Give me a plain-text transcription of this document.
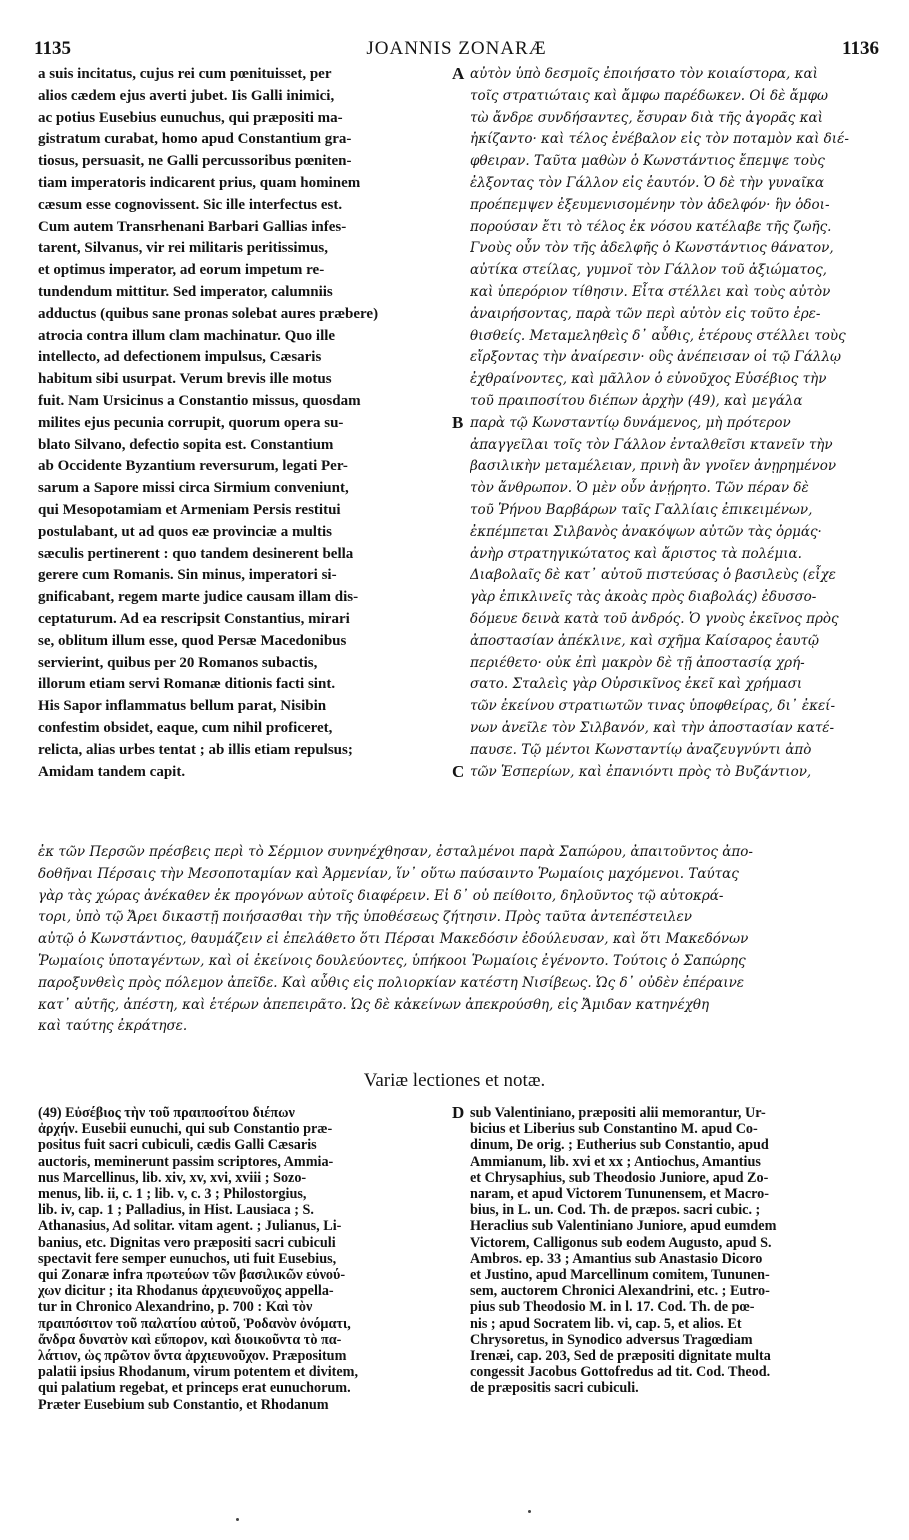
1135	JOANNIS ZONARÆ	1136
a suis incitatus, cujus rei cum pœnituisset, per
alios cædem ejus averti jubet. Iis Galli inimici,
ac potius Eusebius eunuchus, qui præpositi ma-
gistratum curabat, homo apud Constantium gra-
tiosus, persuasit, ne Galli percussoribus pœniten-
tiam imperatoris indicarent prius, quam hominem
cæsum esse cognovissent. Sic ille interfectus est.
Cum autem Transrhenani Barbari Gallias infes-
tarent, Silvanus, vir rei militaris peritissimus,
et optimus imperator, ad eorum impetum re-
tundendum mittitur. Sed imperator, calumniis
adductus (quibus sane pronas solebat aures præbere)
atrocia contra illum clam machinatur. Quo ille
intellecto, ad defectionem impulsus, Cæsaris
habitum sibi usurpat. Verum brevis ille motus
fuit. Nam Ursicinus a Constantio missus, quosdam
milites ejus pecunia corrupit, quorum opera su-
blato Silvano, defectio sopita est. Constantium
ab Occidente Byzantium reversurum, legati Per-
sarum a Sapore missi circa Sirmium conveniunt,
qui Mesopotamiam et Armeniam Persis restitui
postulabant, ut ad quos eæ provinciæ a multis
sæculis pertinerent : quo tandem desinerent bella
gerere cum Romanis. Sin minus, imperatori si-
gnificabant, regem marte judice causam illam dis-
ceptaturum. Ad ea rescripsit Constantius, mirari
se, oblitum illum esse, quod Persæ Macedonibus
servierint, quibus per 20 Romanos subactis,
illorum etiam servi Romanæ ditionis facti sint.
His Sapor inflammatus bellum parat, Nisibin
confestim obsidet, eaque, cum nihil proficeret,
relicta, alias urbes tentat ; ab illis etiam repulsus;
Amidam tandem capit.
αὐτὸν ὑπὸ δεσμοῖς ἐποιήσατο τὸν κοιαίστορα, καὶ
τοῖς στρατιώταις καὶ ἄμφω παρέδωκεν. Οἱ δὲ ἄμφω
τὼ ἄνδρε συνδήσαντες, ἔσυραν διὰ τῆς ἀγορᾶς καὶ
ἠκίζαντο· καὶ τέλος ἐνέβαλον εἰς τὸν ποταμὸν καὶ διέ-
φθειραν. Ταῦτα μαθὼν ὁ Κωνστάντιος ἔπεμψε τοὺς
ἐλξοντας τὸν Γάλλον εἰς ἑαυτόν. Ὁ δὲ τὴν γυναῖκα
προέπεμψεν ἐξευμενισομένην τὸν ἀδελφόν· ἣν ὁδοι-
πορούσαν ἔτι τὸ τέλος ἐκ νόσου κατέλαβε τῆς ζωῆς.
Γνοὺς οὖν τὸν τῆς ἀδελφῆς ὁ Κωνστάντιος θάνατον,
αὐτίκα στείλας, γυμνοῖ τὸν Γάλλον τοῦ ἀξιώματος,
καὶ ὑπερόριον τίθησιν. Εἶτα στέλλει καὶ τοὺς αὐτὸν
ἀναιρήσοντας, παρὰ τῶν περὶ αὐτὸν εἰς τοῦτο ἐρε-
θισθείς. Μεταμεληθεὶς δ᾽ αὖθις, ἑτέρους στέλλει τοὺς
εἴρξοντας τὴν ἀναίρεσιν· οὓς ἀνέπεισαν οἱ τῷ Γάλλῳ
ἐχθραίνοντες, καὶ μᾶλλον ὁ εὐνοῦχος Εὐσέβιος τὴν
τοῦ πραιποσίτου διέπων ἀρχὴν (49), καὶ μεγάλα
παρὰ τῷ Κωνσταντίῳ δυνάμενος, μὴ πρότερον
ἀπαγγεῖλαι τοῖς τὸν Γάλλον ἐνταλθεῖσι κτανεῖν τὴν
βασιλικὴν μεταμέλειαν, πρινὴ ἂν γνοῖεν ἀνῃρημένον
τὸν ἄνθρωπον. Ὁ μὲν οὖν ἀνῄρητο. Τῶν πέραν δὲ
τοῦ Ῥήνου Βαρβάρων ταῖς Γαλλίαις ἐπικειμένων,
ἐκπέμπεται Σιλβανὸς ἀνακόψων αὐτῶν τὰς ὁρμάς·
ἀνὴρ στρατηγικώτατος καὶ ἄριστος τὰ πολέμια.
Διαβολαῖς δὲ κατ᾽ αὐτοῦ πιστεύσας ὁ βασιλεὺς (εἶχε
γὰρ ἐπικλινεῖς τὰς ἀκοὰς πρὸς διαβολάς) ἐδυσσο-
δόμευε δεινὰ κατὰ τοῦ ἀνδρός. Ὁ γνοὺς ἐκεῖνος πρὸς
ἀποστασίαν ἀπέκλινε, καὶ σχῆμα Καίσαρος ἑαυτῷ
περιέθετο· οὐκ ἐπὶ μακρὸν δὲ τῇ ἀποστασίᾳ χρή-
σατο. Σταλεὶς γὰρ Οὐρσικῖνος ἐκεῖ καὶ χρήμασι
τῶν ἐκείνου στρατιωτῶν τινας ὑποφθείρας, δι᾽ ἐκεί-
νων ἀνεῖλε τὸν Σιλβανόν, καὶ τὴν ἀποστασίαν κατέ-
παυσε. Τῷ μέντοι Κωνσταντίῳ ἀναζευγνύντι ἀπὸ
τῶν Ἑσπερίων, καὶ ἐπανιόντι πρὸς τὸ Βυζάντιον,
A
B
C
ἐκ τῶν Περσῶν πρέσβεις περὶ τὸ Σέρμιον συνηνέχθησαν, ἐσταλμένοι παρὰ Σαπώρου, ἀπαιτοῦντος ἀπο-
δοθῆναι Πέρσαις τὴν Μεσοποταμίαν καὶ Ἀρμενίαν, ἵν᾽ οὕτω παύσαιντο Ῥωμαίοις μαχόμενοι. Ταύτας
γὰρ τὰς χώρας ἀνέκαθεν ἐκ προγόνων αὐτοῖς διαφέρειν. Εἰ δ᾽ οὐ πείθοιτο, δηλοῦντος τῷ αὐτοκρά-
τορι, ὑπὸ τῷ Ἄρει δικαστῇ ποιήσασθαι τὴν τῆς ὑποθέσεως ζήτησιν. Πρὸς ταῦτα ἀντεπέστειλεν
αὐτῷ ὁ Κωνστάντιος, θαυμάζειν εἰ ἐπελάθετο ὅτι Πέρσαι Μακεδόσιν ἐδούλευσαν, καὶ ὅτι Μακεδόνων
Ῥωμαίοις ὑποταγέντων, καὶ οἱ ἐκείνοις δουλεύοντες, ὑπήκοοι Ῥωμαίοις ἐγένοντο. Τούτοις ὁ Σαπώρης
παροξυνθεὶς πρὸς πόλεμον ἀπεῖδε. Καὶ αὖθις εἰς πολιορκίαν κατέστη Νισίβεως. Ὡς δ᾽ οὐδὲν ἐπέραινε
κατ᾽ αὐτῆς, ἀπέστη, καὶ ἑτέρων ἀπεπειρᾶτο. Ὡς δὲ κἀκείνων ἀπεκρούσθη, εἰς Ἄμιδαν κατηνέχθη
καὶ ταύτης ἐκράτησε.
Variæ lectiones et notæ.
(49) Εὐσέβιος τὴν τοῦ πραιποσίτου διέπων
ἀρχήν. Eusebii eunuchi, qui sub Constantio præ-
positus fuit sacri cubiculi, cædis Galli Cæsaris
auctoris, meminerunt passim scriptores, Ammia-
nus Marcellinus, lib. xiv, xv, xvi, xviii ; Sozo-
menus, lib. ii, c. 1 ; lib. v, c. 3 ; Philostorgius,
lib. iv, cap. 1 ; Palladius, in Hist. Lausiaca ; S.
Athanasius, Ad solitar. vitam agent. ; Julianus, Li-
banius, etc. Dignitas vero præpositi sacri cubiculi
spectavit fere semper eunuchos, uti fuit Eusebius,
qui Zonaræ infra πρωτεύων τῶν βασιλικῶν εὐνού-
χων dicitur ; ita Rhodanus ἀρχιευνοῦχος appella-
tur in Chronico Alexandrino, p. 700 : Καὶ τὸν
πραιπόσιτον τοῦ παλατίου αὐτοῦ, Ῥοδανὸν ὀνόματι,
ἄνδρα δυνατὸν καὶ εὔπορον, καὶ διοικοῦντα τὸ πα-
λάτιον, ὡς πρῶτον ὄντα ἀρχιευνοῦχον. Præpositum
palatii ipsius Rhodanum, virum potentem et divitem,
qui palatium regebat, et princeps erat eunuchorum.
Præter Eusebium sub Constantio, et Rhodanum
D sub Valentiniano, præpositi alii memorantur, Ur-
bicius et Liberius sub Constantino M. apud Co-
dinum, De orig. ; Eutherius sub Constantio, apud
Ammianum, lib. xvi et xx ; Antiochus, Amantius
et Chrysaphius, sub Theodosio Juniore, apud Zo-
naram, et apud Victorem Tununensem, et Macro-
bius, in L. un. Cod. Th. de præpos. sacri cubic. ;
Heraclius sub Valentiniano Juniore, apud eumdem
Victorem, Calligonus sub eodem Augusto, apud S.
Ambros. ep. 33 ; Amantius sub Anastasio Dicoro
et Justino, apud Marcellinum comitem, Tununen-
sem, auctorem Chronici Alexandrini, etc. ; Eutro-
pius sub Theodosio M. in l. 17. Cod. Th. de pœ-
nis ; apud Socratem lib. vi, cap. 5, et alios. Et
Chrysoretus, in Synodico adversus Tragœdiam
Irenæi, cap. 203, Sed de præpositi dignitate multa
congessit Jacobus Gottofredus ad tit. Cod. Theod.
de præpositis sacri cubiculi.
